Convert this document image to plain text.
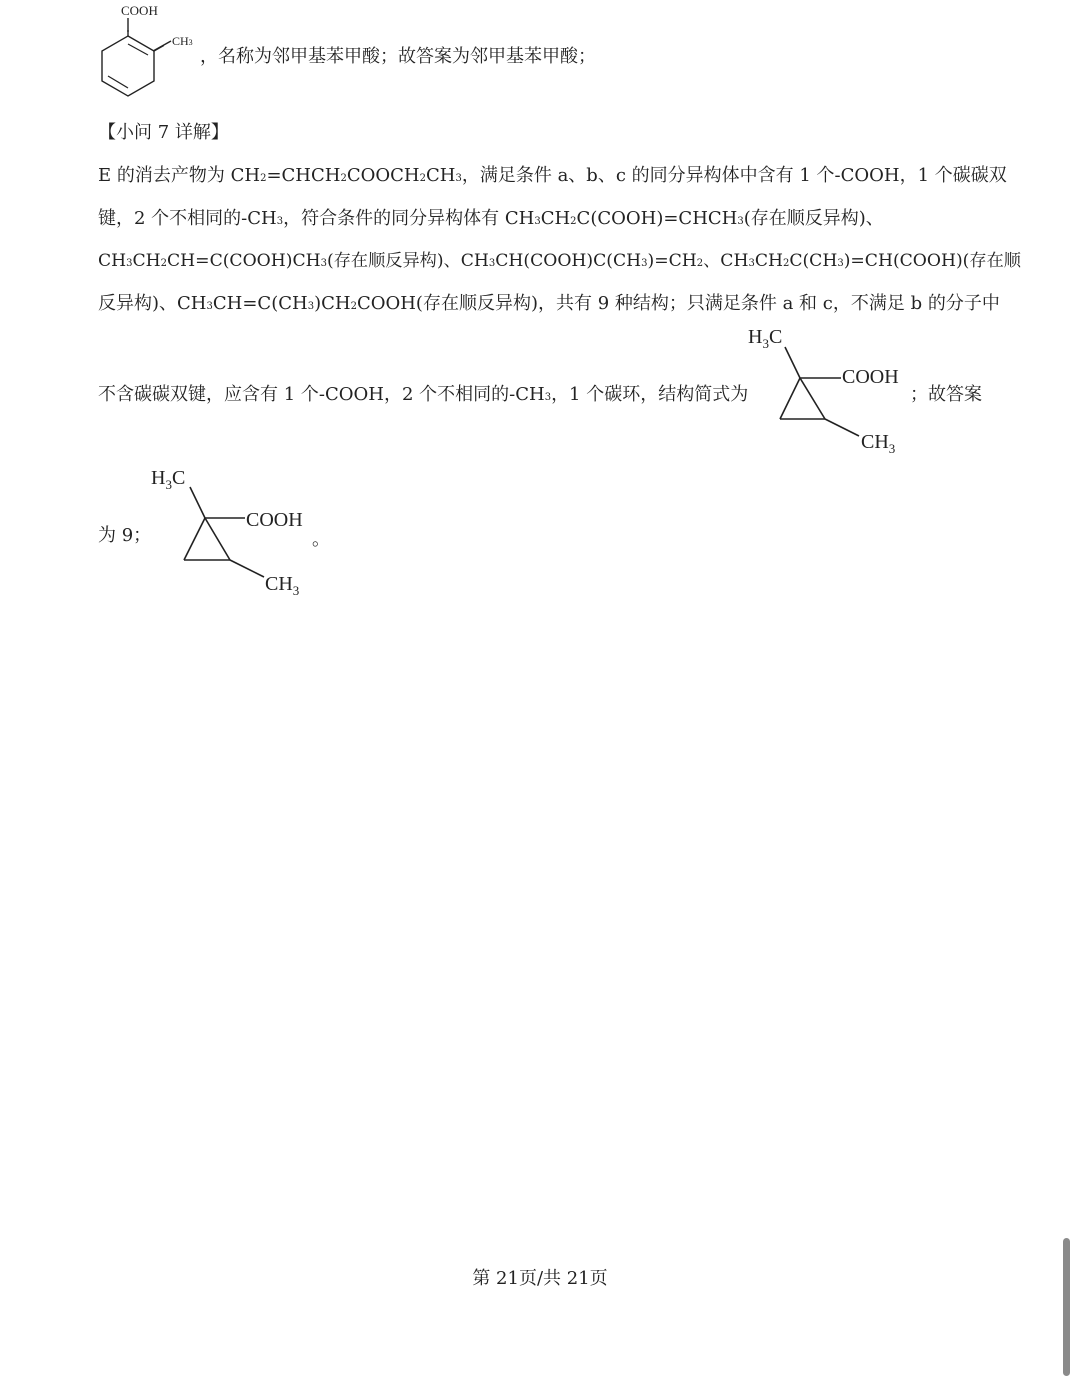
COOH
CH3
，名称为邻甲基苯甲酸；故答案为邻甲基苯甲酸；
【小问 7 详解】
E 的消去产物为 CH2=CHCH2COOCH2CH3，满足条件 a、b、c 的同分异构体中含有 1 个-COOH，1 个碳碳双
键，2 个不相同的-CH3，符合条件的同分异构体有 CH3CH2C(COOH)=CHCH3(存在顺反异构)、
CH3CH2CH=C(COOH)CH3(存在顺反异构)、CH3CH(COOH)C(CH3)=CH2、CH3CH2C(CH3)=CH(COOH)(存在顺
反异构)、CH3CH=C(CH3)CH2COOH(存在顺反异构)，共有 9 种结构；只满足条件 a 和 c，不满足 b 的分子中
不含碳碳双键，应含有 1 个-COOH，2 个不相同的-CH3，1 个碳环，结构简式为	；故答案
$H_3C$
COOH
$CH_3$
为 9；
$H_3C$
COOH
$CH_3$
。
第 21页/共 21页
